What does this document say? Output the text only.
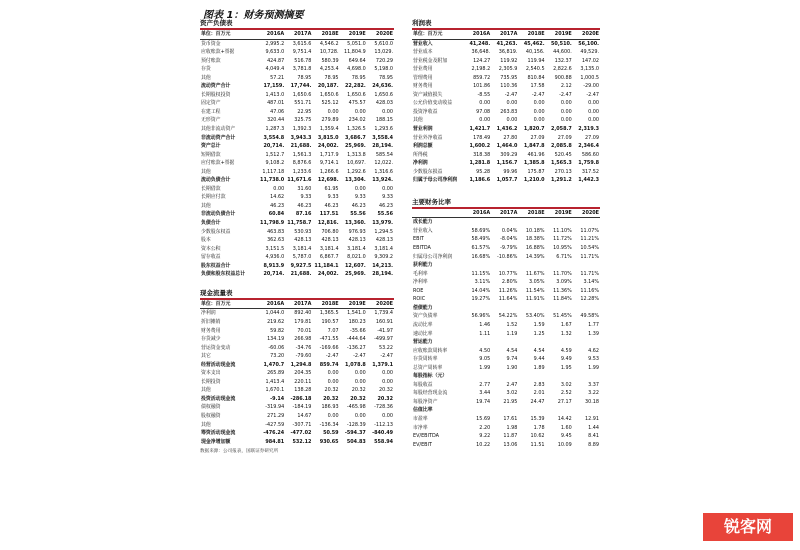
图表 1：财务预测摘要
资产负债表
单位：百万元	2016A	2017A	2018E	2019E	2020E
货币资金	2,995.2	3,615.6	4,546.2	5,051.0	5,610.0
应收账款+票据	9,633.0	9,751.4	10,728.	11,804.9	13,029.
预付账款	424.87	516.78	580.39	649.64	720.29
存货	4,049.4	3,781.8	4,253.4	4,698.0	5,198.0
其他	57.21	78.95	78.95	78.95	78.95
流动资产合计	17,159.	17,744.	20,187.	22,282.	24,636.
长期股权投资	1,413.0	1,650.6	1,650.6	1,650.6	1,650.6
固定资产	487.01	551.71	525.12	475.57	428.03
在建工程	47.06	22.95	0.00	0.00	0.00
无形资产	320.44	325.75	279.89	234.02	188.15
其他非流动资产	1,287.3	1,392.3	1,359.4	1,326.5	1,293.6
非流动资产合计	3,554.8	3,943.3	3,815.0	3,686.7	3,558.4
资产总计	20,714.	21,688.	24,002.	25,969.	28,194.
短期借款	1,512.7	1,561.3	1,717.9	1,313.8	585.54
应付账款+票据	9,108.2	8,876.6	9,714.1	10,697.	12,022.
其他	1,117.18	1,233.6	1,266.6	1,292.6	1,316.6
流动负债合计	11,738.0	11,671.6	12,698.	13,304.	13,924.
长期借款	0.00	31.60	61.95	0.00	0.00
长期应付款	14.62	9.33	9.33	9.33	9.33
其他	46.23	46.23	46.23	46.23	46.23
非流动负债合计	60.84	87.16	117.51	55.56	55.56
负债合计	11,798.9	11,758.7	12,816.	13,360.	13,979.
少数股东权益	463.83	530.93	706.80	976.93	1,294.5
股本	362.63	428.13	428.13	428.13	428.13
资本公积	3,151.5	3,181.4	3,181.4	3,181.4	3,181.4
留存收益	4,936.0	5,787.0	6,867.7	8,021.0	9,309.2
股东权益合计	8,913.9	9,927.5	11,184.1	12,607.	14,213.
负债和股东权益总计	20,714.	21,688.	24,002.	25,969.	28,194.
现金流量表
单位：百万元	2016A	2017A	2018E	2019E	2020E
净利润	1,044.0	892.40	1,365.5	1,541.0	1,739.4
折旧摊销	219.62	179.81	190.57	180.23	160.91
财务费用	59.82	70.01	7.07	-35.66	-41.97
存货减少	134.19	266.98	-471.55	-444.64	-499.97
营运资金变动	-60.06	-34.76	-169.66	-136.27	53.22
其它	73.20	-79.60	-2.47	-2.47	-2.47
经营活动现金流	1,470.7	1,294.8	859.74	1,078.8	1,379.1
资本支出	265.89	204.35	0.00	0.00	0.00
长期投资	1,413.4	220.11	0.00	0.00	0.00
其他	1,670.1	138.28	20.32	20.32	20.32
投资活动现金流	-9.14	-286.18	20.32	20.32	20.32
债权融资	-319.94	-184.19	186.93	-465.98	-728.36
股权融资	271.29	14.67	0.00	0.00	0.00
其他	-427.59	-307.71	-136.34	-128.39	-112.13
筹资活动现金流	-476.24	-477.02	50.59	-594.37	-840.49
现金净增加额	984.81	532.12	930.65	504.83	558.94
数据来源：公司报表，国联证券研究所
利润表
单位：百万元	2016A	2017A	2018E	2019E	2020E
营业收入	41,248.	41,263.	45,462.	50,510.	56,100.
营业成本	36,648.	36,819.	40,156.	44,600.	49,529.
营业税金及附加	124.27	119.92	119.94	132.37	147.02
营业费用	2,198.2	2,305.9	2,540.5	2,822.6	3,135.0
管理费用	859.72	735.95	810.84	900.88	1,000.5
财务费用	101.86	110.36	17.58	2.12	-29.00
资产减值损失	-8.55	-2.47	-2.47	-2.47	-2.47
公允价值变动收益	0.00	0.00	0.00	0.00	0.00
投资净收益	97.08	263.83	0.00	0.00	0.00
其他	0.00	0.00	0.00	0.00	0.00
营业利润	1,421.7	1,436.2	1,820.7	2,058.7	2,319.3
营业外净收益	178.49	27.80	27.09	27.09	27.09
利润总额	1,600.2	1,464.0	1,847.8	2,085.8	2,346.4
所得税	318.38	309.29	461.96	520.45	586.60
净利润	1,281.8	1,156.7	1,385.8	1,565.3	1,759.8
少数股东损益	95.28	99.96	175.87	270.13	317.52
归属于母公司净利润	1,186.6	1,057.7	1,210.0	1,291.2	1,442.3
主要财务比率
	2016A	2017A	2018E	2019E	2020E
成长能力					
营业收入	58.69%	0.04%	10.18%	11.10%	11.07%
EBIT	58.49%	-8.04%	18.38%	11.72%	11.21%
EBITDA	61.57%	-9.79%	16.88%	10.95%	10.54%
归属母公司净利润	16.68%	-10.86%	14.39%	6.71%	11.71%
获利能力					
毛利率	11.15%	10.77%	11.67%	11.70%	11.71%
净利率	3.11%	2.80%	3.05%	3.09%	3.14%
ROE	14.04%	11.26%	11.54%	11.36%	11.16%
ROIC	19.27%	11.64%	11.91%	11.84%	12.28%
偿债能力					
资产负债率	56.96%	54.22%	53.40%	51.45%	49.58%
流动比率	1.46	1.52	1.59	1.67	1.77
速动比率	1.11	1.19	1.25	1.32	1.39
营运能力					
应收账款周转率	4.50	4.54	4.54	4.59	4.62
存货周转率	9.05	9.74	9.44	9.49	9.53
总资产周转率	1.99	1.90	1.89	1.95	1.99
每股指标（元）					
每股收益	2.77	2.47	2.83	3.02	3.37
每股经营现金流	3.44	3.02	2.01	2.52	3.22
每股净资产	19.74	21.95	24.47	27.17	30.18
估值比率					
市盈率	15.69	17.61	15.39	14.42	12.91
市净率	2.20	1.98	1.78	1.60	1.44
EV/EBITDA	9.22	11.87	10.62	9.45	8.41
EV/EBIT	10.22	13.06	11.51	10.09	8.89
锐客网
